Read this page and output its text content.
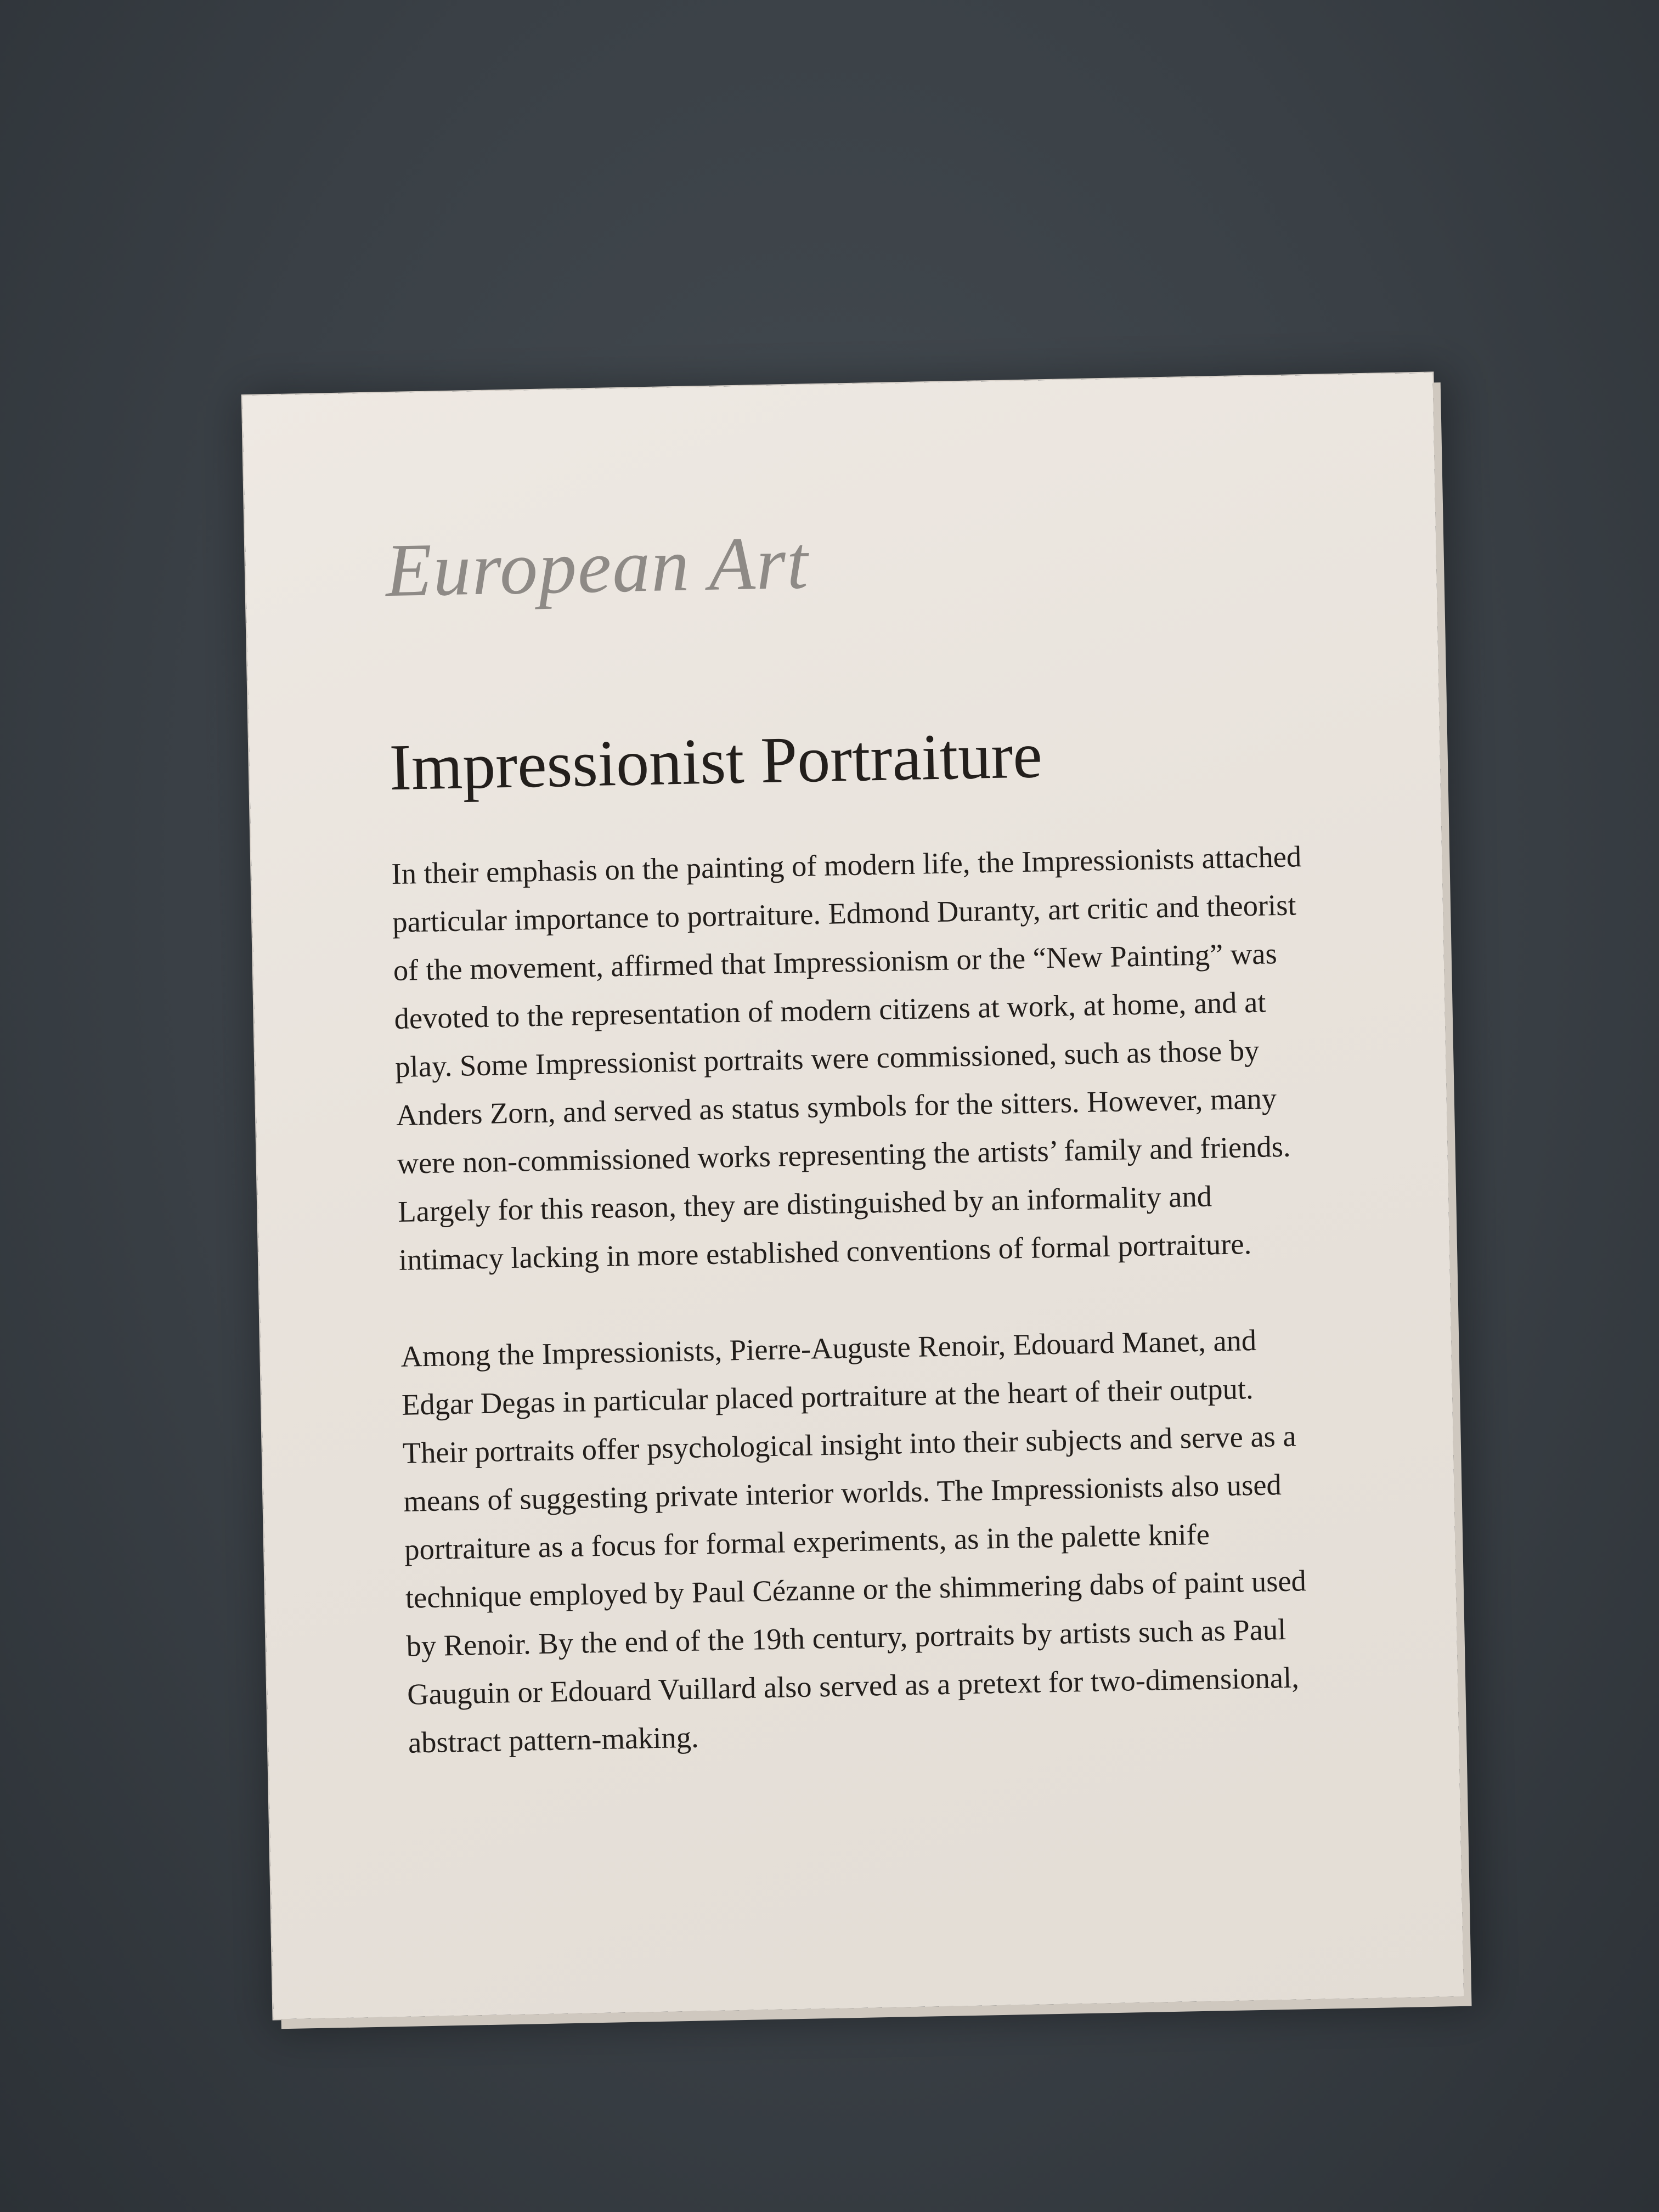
European Art

Impressionist Portraiture

In their emphasis on the painting of modern life, the Impressionists attached particular importance to portraiture. Edmond Duranty, art critic and theorist of the movement, affirmed that Impressionism or the “New Painting” was devoted to the representation of modern citizens at work, at home, and at play. Some Impressionist portraits were commissioned, such as those by Anders Zorn, and served as status symbols for the sitters. However, many were non-commissioned works representing the artists’ family and friends. Largely for this reason, they are distinguished by an informality and intimacy lacking in more established conventions of formal portraiture.

Among the Impressionists, Pierre-Auguste Renoir, Edouard Manet, and Edgar Degas in particular placed portraiture at the heart of their output. Their portraits offer psychological insight into their subjects and serve as a means of suggesting private interior worlds. The Impressionists also used portraiture as a focus for formal experiments, as in the palette knife technique employed by Paul Cézanne or the shimmering dabs of paint used by Renoir. By the end of the 19th century, portraits by artists such as Paul Gauguin or Edouard Vuillard also served as a pretext for two-dimensional, abstract pattern-making.
